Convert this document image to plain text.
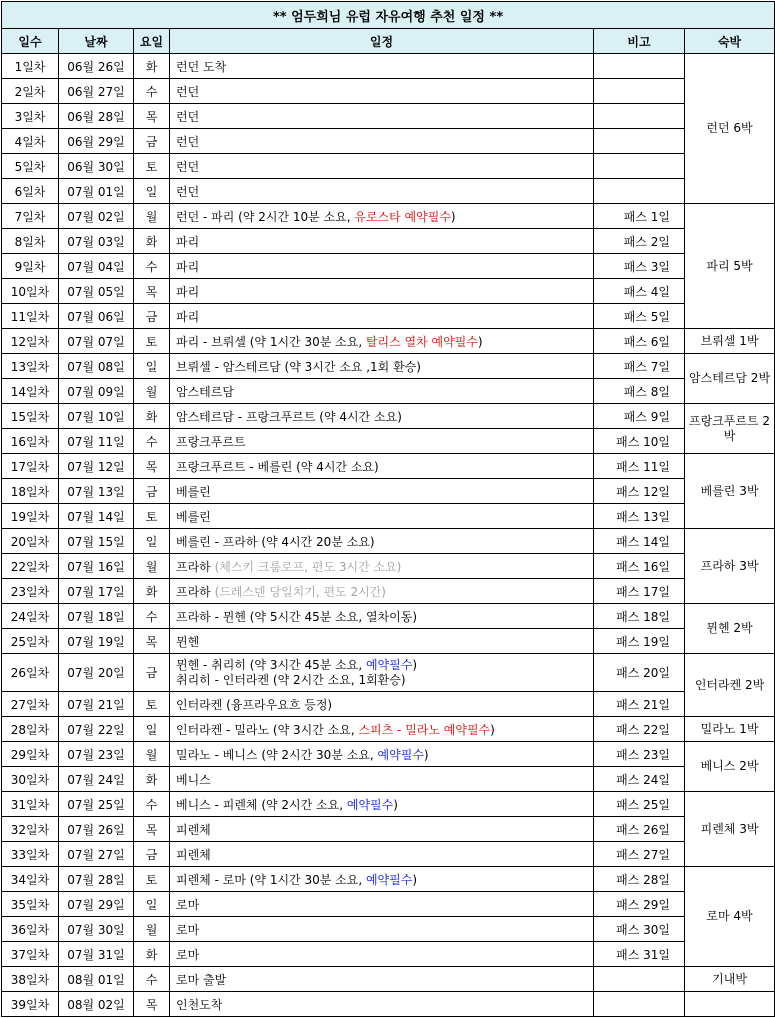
** 엄두희님 유럽 자유여행 추천 일정 **					
일수	날짜	요일	일정	비고	숙박
1일차	06월 26일	화	런던 도착		런던 6박
2일차	06월 27일	수	런던		
3일차	06월 28일	목	런던		
4일차	06월 29일	금	런던		
5일차	06월 30일	토	런던		
6일차	07월 01일	일	런던		
7일차	07월 02일	월	런던 - 파리 (약 2시간 10분 소요, 유로스타 예약필수)	패스 1일	파리 5박
8일차	07월 03일	화	파리	패스 2일	
9일차	07월 04일	수	파리	패스 3일	
10일차	07월 05일	목	파리	패스 4일	
11일차	07월 06일	금	파리	패스 5일	
12일차	07월 07일	토	파리 - 브뤼셀 (약 1시간 30분 소요, 탈리스 열차 예약필수)	패스 6일	브뤼셀 1박
13일차	07월 08일	일	브뤼셀 - 암스테르담 (약 3시간 소요 ,1회 환승)	패스 7일	암스테르담 2박
14일차	07월 09일	월	암스테르담	패스 8일	
15일차	07월 10일	화	암스테르담 - 프랑크푸르트 (약 4시간 소요)	패스 9일	프랑크푸르트 2박
16일차	07월 11일	수	프랑크푸르트	패스 10일	
17일차	07월 12일	목	프랑크푸르트 - 베를린 (약 4시간 소요)	패스 11일	베를린 3박
18일차	07월 13일	금	베를린	패스 12일	
19일차	07월 14일	토	베를린	패스 13일	
20일차	07월 15일	일	베를린 - 프라하 (약 4시간 20분 소요)	패스 14일	프라하 3박
22일차	07월 16일	월	프라하 (체스키 크룸로프, 편도 3시간 소요)	패스 16일	
23일차	07월 17일	화	프라하 (드레스덴 당일치기, 편도 2시간)	패스 17일	
24일차	07월 18일	수	프라하 - 뮌헨 (약 5시간 45분 소요, 열차이동)	패스 18일	뮌헨 2박
25일차	07월 19일	목	뮌헨	패스 19일	
26일차	07월 20일	금	뮌헨 - 취리히 (약 3시간 45분 소요, 예약필수)
취리히 - 인터라켄 (약 2시간 소요, 1회환승)	패스 20일	인터라켄 2박
27일차	07월 21일	토	인터라켄 (융프라우요흐 등정)	패스 21일	
28일차	07월 22일	일	인터라켄 - 밀라노 (약 3시간 소요, 스피츠 - 밀라노 예약필수)	패스 22일	밀라노 1박
29일차	07월 23일	월	밀라노 - 베니스 (약 2시간 30분 소요, 예약필수)	패스 23일	베니스 2박
30일차	07월 24일	화	베니스	패스 24일	
31일차	07월 25일	수	베니스 - 피렌체 (약 2시간 소요, 예약필수)	패스 25일	피렌체 3박
32일차	07월 26일	목	피렌체	패스 26일	
33일차	07월 27일	금	피렌체	패스 27일	
34일차	07월 28일	토	피렌체 - 로마 (약 1시간 30분 소요, 예약필수)	패스 28일	로마 4박
35일차	07월 29일	일	로마	패스 29일	
36일차	07월 30일	월	로마	패스 30일	
37일차	07월 31일	화	로마	패스 31일	
38일차	08월 01일	수	로마 출발		기내박
39일차	08월 02일	목	인천도착		
